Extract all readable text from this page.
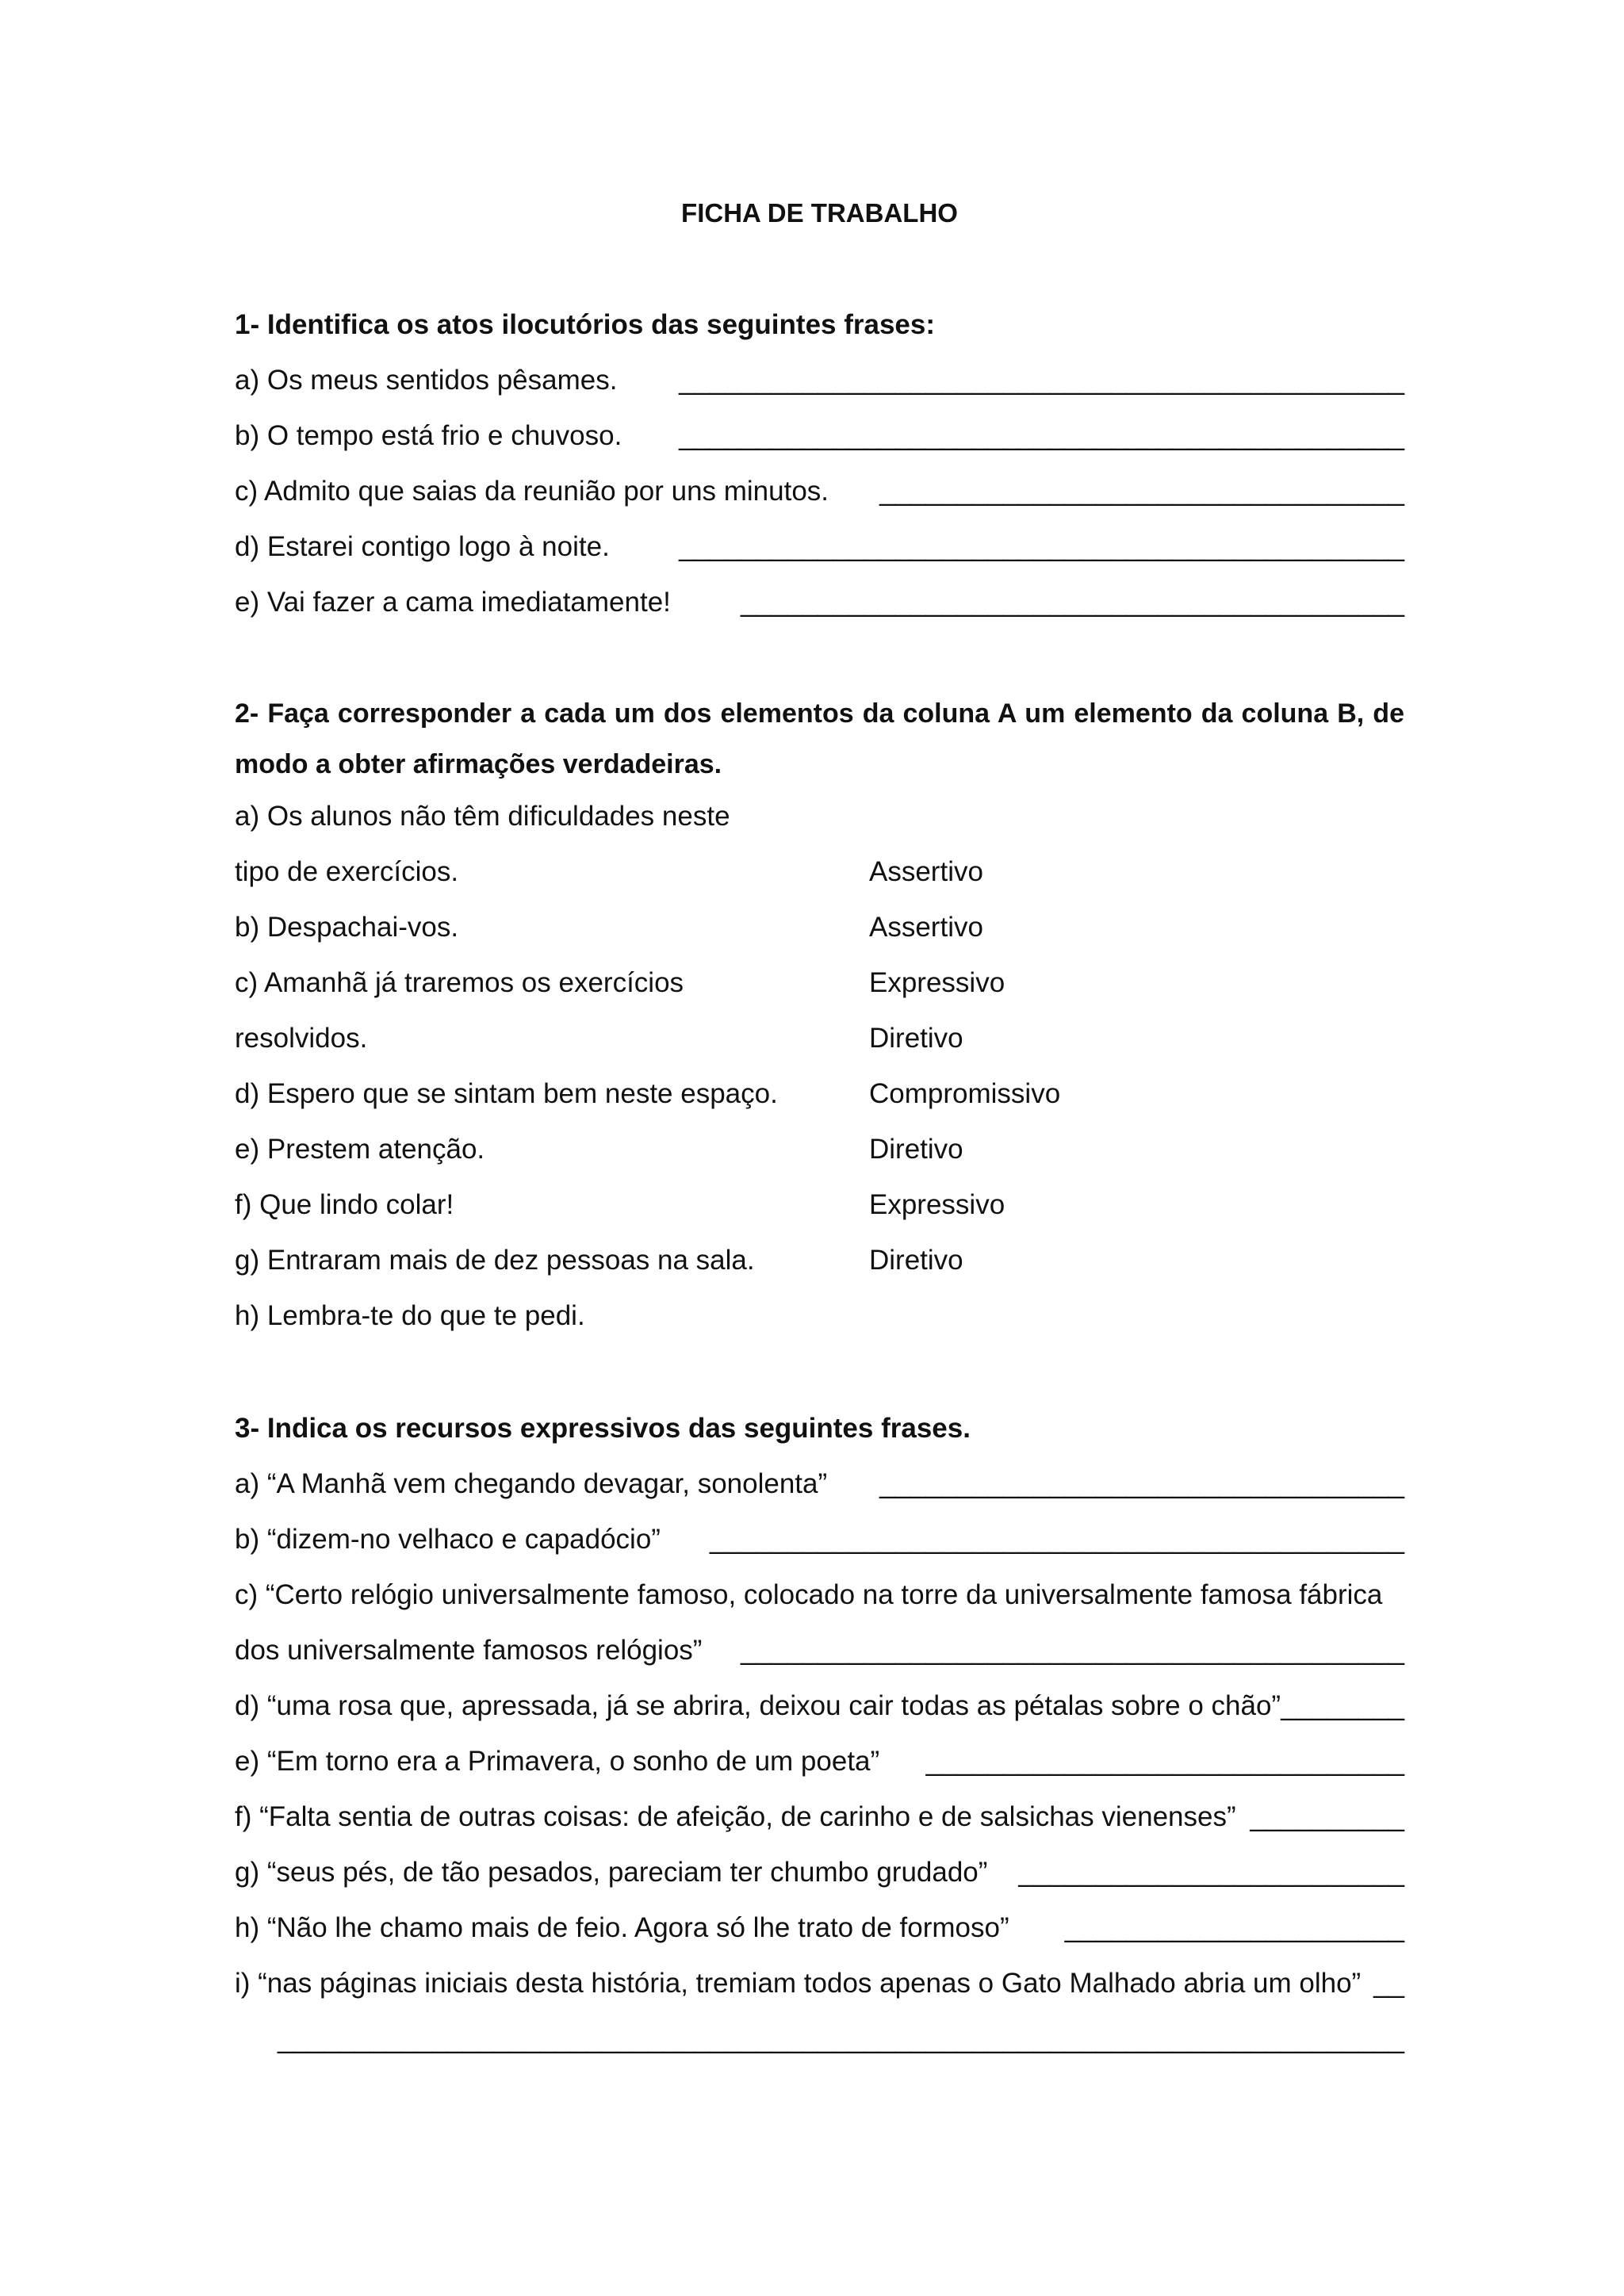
FICHA DE TRABALHO
1- Identifica os atos ilocutórios das seguintes frases:
a) Os meus sentidos pêsames. _______________________________________________
b) O tempo está frio e chuvoso. _______________________________________________
c) Admito que saias da reunião por uns minutos. __________________________________
d) Estarei contigo logo à noite. _______________________________________________
e) Vai fazer a cama imediatamente!	___________________________________________
2- Faça corresponder a cada um dos elementos da coluna A um elemento da coluna B, de modo a obter afirmações verdadeiras.
a) Os alunos não têm dificuldades neste
tipo de exercícios.
b) Despachai-vos.
c) Amanhã já traremos os exercícios
resolvidos.
d) Espero que se sintam bem neste espaço.
e) Prestem atenção.
f) Que lindo colar!
g) Entraram mais de dez pessoas na sala.
h) Lembra-te do que te pedi.
Assertivo
Assertivo
Expressivo
Diretivo
Compromissivo
Diretivo
Expressivo
Diretivo
3- Indica os recursos expressivos das seguintes frases.
a) “A Manhã vem chegando devagar, sonolenta” __________________________________
b) “dizem-no velhaco e capadócio” _____________________________________________
c) “Certo relógio universalmente famoso, colocado na torre da universalmente famosa fábrica
dos universalmente famosos relógios” ___________________________________________
d) “uma rosa que, apressada, já se abrira, deixou cair todas as pétalas sobre o chão” ________
e) “Em torno era a Primavera, o sonho de um poeta” _______________________________
f) “Falta sentia de outras coisas: de afeição, de carinho e de salsichas vienenses” __________
g) “seus pés, de tão pesados, pareciam ter chumbo grudado” _________________________
h) “Não lhe chamo mais de feio. Agora só lhe trato de formoso” ______________________
i) “nas páginas iniciais desta história, tremiam todos apenas o Gato Malhado abria um olho” __
_________________________________________________________________________
